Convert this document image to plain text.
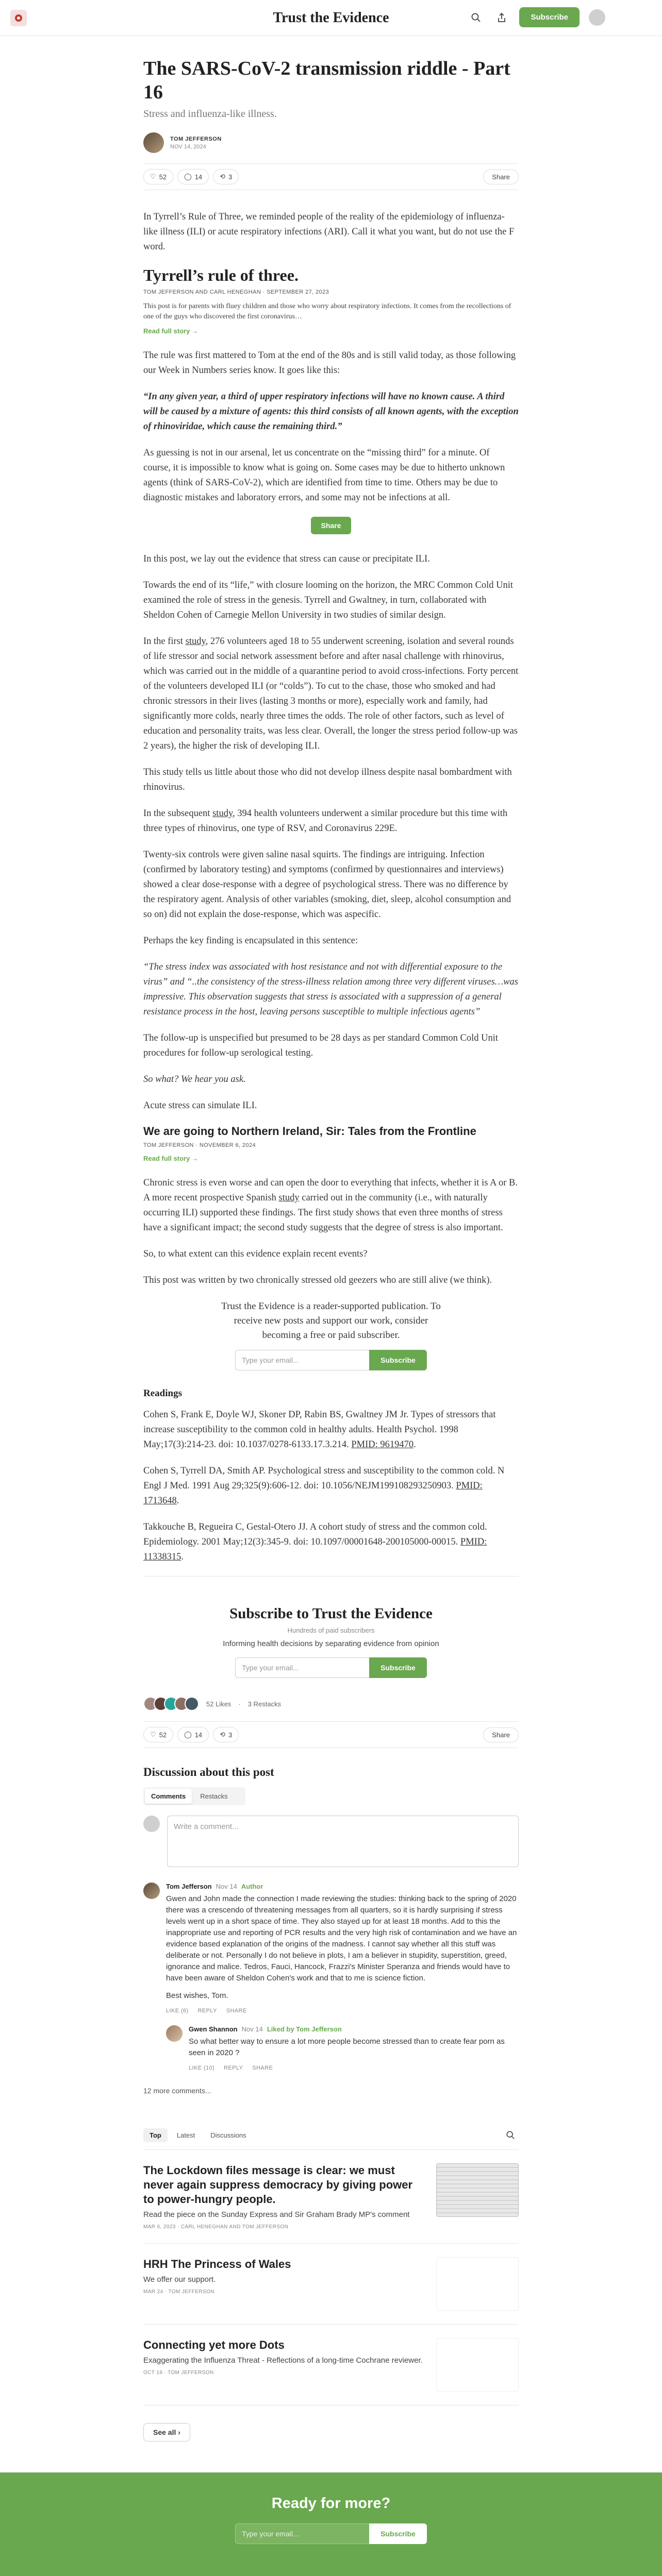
Trust the Evidence	Subscribe
The SARS-CoV-2 transmission riddle - Part 16
Stress and influenza-like illness.
TOM JEFFERSON
NOV 14, 2024
♡ 52	◯ 14	⟲ 3	Share

In Tyrrell’s Rule of Three, we reminded people of the reality of the epidemiology of influenza-like illness (ILI) or acute respiratory infections (ARI). Call it what you want, but do not use the F word.

Tyrrell’s rule of three.
TOM JEFFERSON AND CARL HENEGHAN · SEPTEMBER 27, 2023
This post is for parents with fluey children and those who worry about respiratory infections. It comes from the recollections of one of the guys who discovered the first coronavirus…
Read full story →

The rule was first mattered to Tom at the end of the 80s and is still valid today, as those following our Week in Numbers series know. It goes like this:

“In any given year, a third of upper respiratory infections will have no known cause. A third will be caused by a mixture of agents: this third consists of all known agents, with the exception of rhinoviridae, which cause the remaining third.”

As guessing is not in our arsenal, let us concentrate on the “missing third” for a minute. Of course, it is impossible to know what is going on. Some cases may be due to hitherto unknown agents (think of SARS-CoV-2), which are identified from time to time. Others may be due to diagnostic mistakes and laboratory errors, and some may not be infections at all.

Share

In this post, we lay out the evidence that stress can cause or precipitate ILI.

Towards the end of its “life,” with closure looming on the horizon, the MRC Common Cold Unit examined the role of stress in the genesis. Tyrrell and Gwaltney, in turn, collaborated with Sheldon Cohen of Carnegie Mellon University in two studies of similar design.

In the first study, 276 volunteers aged 18 to 55 underwent screening, isolation and several rounds of life stressor and social network assessment before and after nasal challenge with rhinovirus, which was carried out in the middle of a quarantine period to avoid cross-infections. Forty percent of the volunteers developed ILI (or “colds”). To cut to the chase, those who smoked and had chronic stressors in their lives (lasting 3 months or more), especially work and family, had significantly more colds, nearly three times the odds. The role of other factors, such as level of education and personality traits, was less clear. Overall, the longer the stress period follow-up was 2 years), the higher the risk of developing ILI.

This study tells us little about those who did not develop illness despite nasal bombardment with rhinovirus.

In the subsequent study, 394 health volunteers underwent a similar procedure but this time with three types of rhinovirus, one type of RSV, and Coronavirus 229E.

Twenty-six controls were given saline nasal squirts. The findings are intriguing. Infection (confirmed by laboratory testing) and symptoms (confirmed by questionnaires and interviews) showed a clear dose-response with a degree of psychological stress. There was no difference by the respiratory agent. Analysis of other variables (smoking, diet, sleep, alcohol consumption and so on) did not explain the dose-response, which was aspecific.

Perhaps the key finding is encapsulated in this sentence:

“The stress index was associated with host resistance and not with differential exposure to the virus” and “..the consistency of the stress-illness relation among three very different viruses…was impressive. This observation suggests that stress is associated with a suppression of a general resistance process in the host, leaving persons susceptible to multiple infectious agents”

The follow-up is unspecified but presumed to be 28 days as per standard Common Cold Unit procedures for follow-up serological testing.

So what? We hear you ask.

Acute stress can simulate ILI.

We are going to Northern Ireland, Sir: Tales from the Frontline
TOM JEFFERSON · NOVEMBER 6, 2024
Read full story →

Chronic stress is even worse and can open the door to everything that infects, whether it is A or B. A more recent prospective Spanish study carried out in the community (i.e., with naturally occurring ILI) supported these findings. The first study shows that even three months of stress have a significant impact; the second study suggests that the degree of stress is also important.

So, to what extent can this evidence explain recent events?

This post was written by two chronically stressed old geezers who are still alive (we think).

Trust the Evidence is a reader-supported publication. To receive new posts and support our work, consider becoming a free or paid subscriber.
Type your email...	Subscribe
Readings

Cohen S, Frank E, Doyle WJ, Skoner DP, Rabin BS, Gwaltney JM Jr. Types of stressors that increase susceptibility to the common cold in healthy adults. Health Psychol. 1998 May;17(3):214-23. doi: 10.1037/0278-6133.17.3.214. PMID: 9619470.

Cohen S, Tyrrell DA, Smith AP. Psychological stress and susceptibility to the common cold. N Engl J Med. 1991 Aug 29;325(9):606-12. doi: 10.1056/NEJM199108293250903. PMID: 1713648.

Takkouche B, Regueira C, Gestal-Otero JJ. A cohort study of stress and the common cold. Epidemiology. 2001 May;12(3):345-9. doi: 10.1097/00001648-200105000-00015. PMID: 11338315.

Subscribe to Trust the Evidence
Hundreds of paid subscribers
Informing health decisions by separating evidence from opinion
Type your email...	Subscribe
52 Likes · 3 Restacks
♡ 52	◯ 14	⟲ 3	Share
Discussion about this post
Comments	Restacks
Write a comment...
Tom Jefferson Nov 14 Author

Gwen and John made the connection I made reviewing the studies: thinking back to the spring of 2020 there was a crescendo of threatening messages from all quarters, so it is hardly surprising if stress levels went up in a short space of time. They also stayed up for at least 18 months. Add to this the inappropriate use and reporting of PCR results and the very high risk of contamination and we have an evidence based explanation of the origins of the madness. I cannot say whether all this stuff was deliberate or not. Personally I do not believe in plots, I am a believer in stupidity, superstition, greed, ignorance and malice. Tedros, Fauci, Hancock, Frazzi's Minister Speranza and friends would have to have been aware of Sheldon Cohen's work and that to me is science fiction.

Best wishes, Tom.

LIKE (6) REPLY SHARE
Gwen Shannon Nov 14 Liked by Tom Jefferson

So what better way to ensure a lot more people become stressed than to create fear porn as seen in 2020 ?

LIKE (10) REPLY SHARE
12 more comments...
Top	Latest	Discussions
The Lockdown files message is clear: we must never again suppress democracy by giving power to power-hungry people.
Read the piece on the Sunday Express and Sir Graham Brady MP's comment
MAR 6, 2023 · CARL HENEGHAN AND TOM JEFFERSON
HRH The Princess of Wales
We offer our support.
MAR 24 · TOM JEFFERSON
Connecting yet more Dots
Exaggerating the Influenza Threat - Reflections of a long-time Cochrane reviewer.
OCT 19 · TOM JEFFERSON
See all ›
Ready for more?
Type your email...	Subscribe
